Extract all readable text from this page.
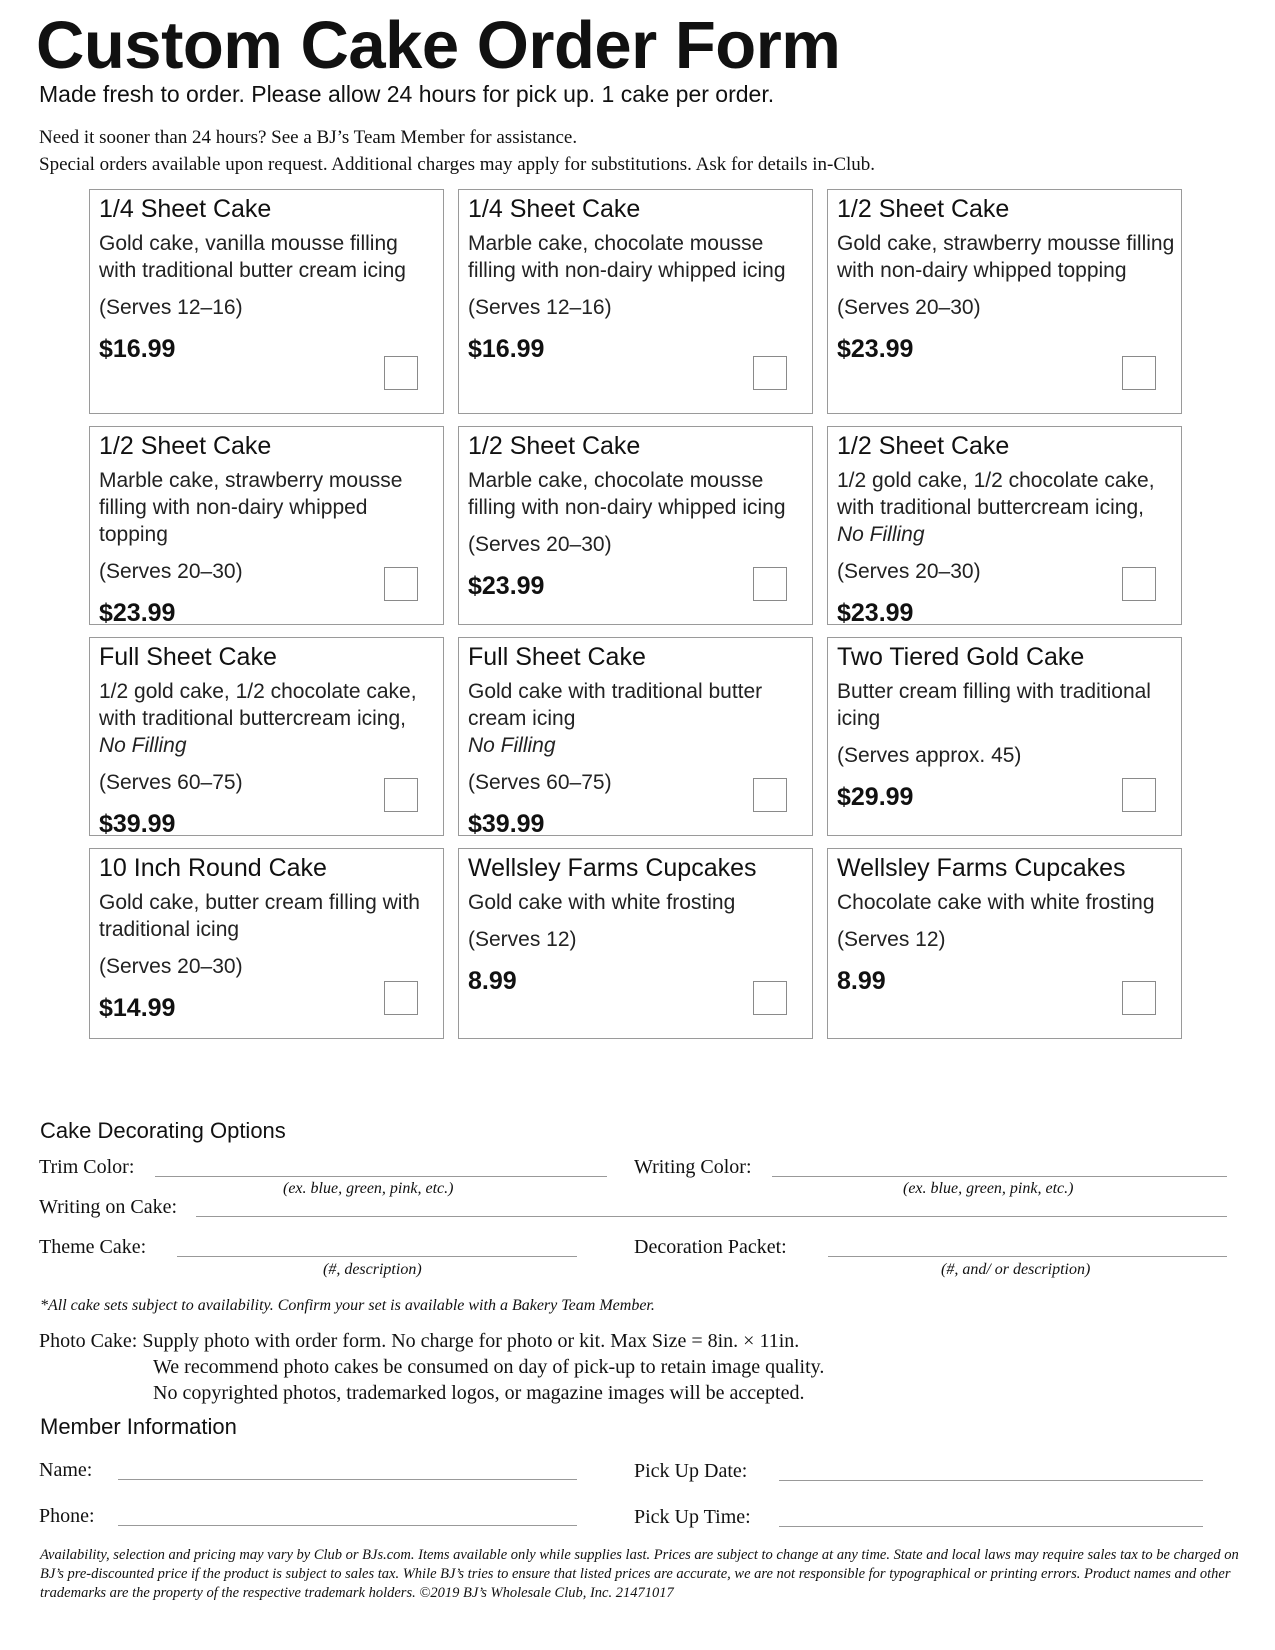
Custom Cake Order Form
Made fresh to order. Please allow 24 hours for pick up. 1 cake per order.
Need it sooner than 24 hours? See a BJ’s Team Member for assistance.
Special orders available upon request. Additional charges may apply for substitutions. Ask for details in-Club.
1/4 Sheet Cake
Gold cake, vanilla mousse filling with traditional butter cream icing
(Serves 12–16)
$16.99
1/4 Sheet Cake
Marble cake, chocolate mousse filling with non-dairy whipped icing
(Serves 12–16)
$16.99
1/2 Sheet Cake
Gold cake, strawberry mousse filling with non-dairy whipped topping
(Serves 20–30)
$23.99
1/2 Sheet Cake
Marble cake, strawberry mousse filling with non-dairy whipped topping
(Serves 20–30)
$23.99
1/2 Sheet Cake
Marble cake, chocolate mousse filling with non-dairy whipped icing
(Serves 20–30)
$23.99
1/2 Sheet Cake
1/2 gold cake, 1/2 chocolate cake, with traditional buttercream icing,
No Filling
(Serves 20–30)
$23.99
Full Sheet Cake
1/2 gold cake, 1/2 chocolate cake, with traditional buttercream icing,
No Filling
(Serves 60–75)
$39.99
Full Sheet Cake
Gold cake with traditional butter cream icing
No Filling
(Serves 60–75)
$39.99
Two Tiered Gold Cake
Butter cream filling with traditional icing
(Serves approx. 45)
$29.99
10 Inch Round Cake
Gold cake, butter cream filling with traditional icing
(Serves 20–30)
$14.99
Wellsley Farms Cupcakes
Gold cake with white frosting
(Serves 12)
8.99
Wellsley Farms Cupcakes
Chocolate cake with white frosting
(Serves 12)
8.99
Cake Decorating Options
Trim Color:
(ex. blue, green, pink, etc.)
Writing Color:
(ex. blue, green, pink, etc.)
Writing on Cake:
Theme Cake:
(#, description)
Decoration Packet:
(#, and/ or description)
*All cake sets subject to availability. Confirm your set is available with a Bakery Team Member.
Photo Cake: Supply photo with order form. No charge for photo or kit. Max Size = 8in. × 11in.
We recommend photo cakes be consumed on day of pick-up to retain image quality.
No copyrighted photos, trademarked logos, or magazine images will be accepted.
Member Information
Name:	Pick Up Date:
Phone:	Pick Up Time:
Availability, selection and pricing may vary by Club or BJs.com. Items available only while supplies last. Prices are subject to change at any time. State and local laws may require sales tax to be charged on BJ’s pre-discounted price if the product is subject to sales tax. While BJ’s tries to ensure that listed prices are accurate, we are not responsible for typographical or printing errors. Product names and other trademarks are the property of the respective trademark holders. ©2019 BJ’s Wholesale Club, Inc. 21471017
